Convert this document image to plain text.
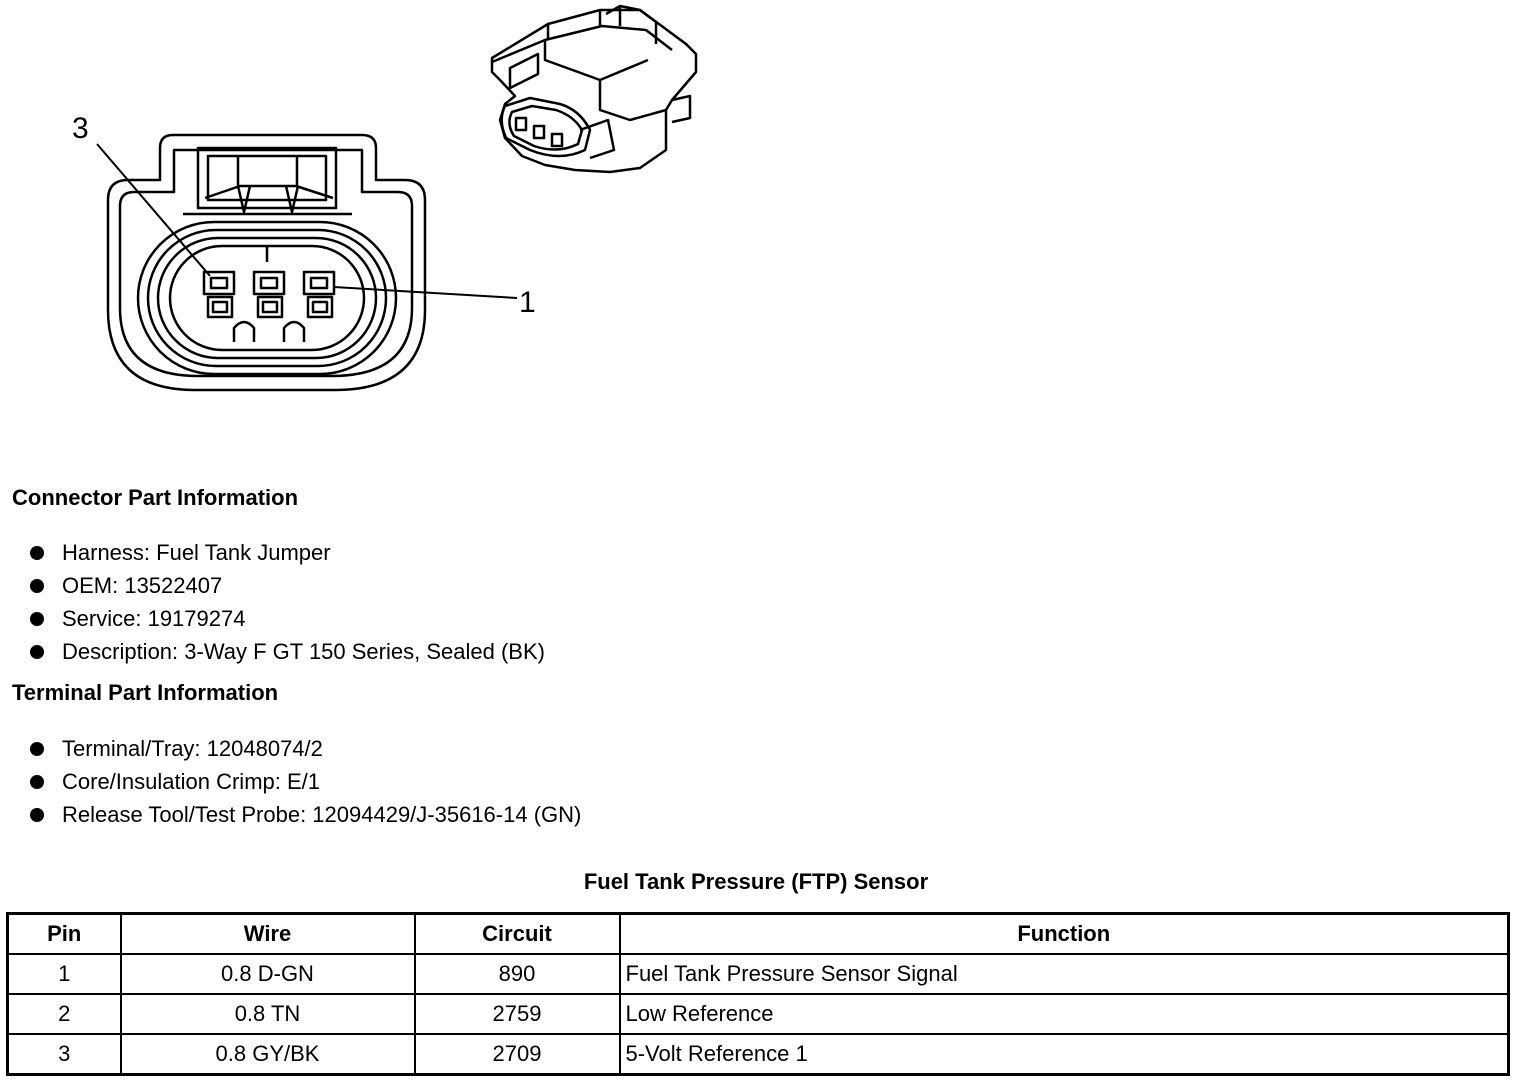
3
1
Connector Part Information
Harness: Fuel Tank Jumper
OEM: 13522407
Service: 19179274
Description: 3-Way F GT 150 Series, Sealed (BK)
Terminal Part Information
Terminal/Tray: 12048074/2
Core/Insulation Crimp: E/1
Release Tool/Test Probe: 12094429/J-35616-14 (GN)
Fuel Tank Pressure (FTP) Sensor
Pin	Wire	Circuit	Function
1	0.8 D-GN	890	Fuel Tank Pressure Sensor Signal
2	0.8 TN	2759	Low Reference
3	0.8 GY/BK	2709	5-Volt Reference 1
